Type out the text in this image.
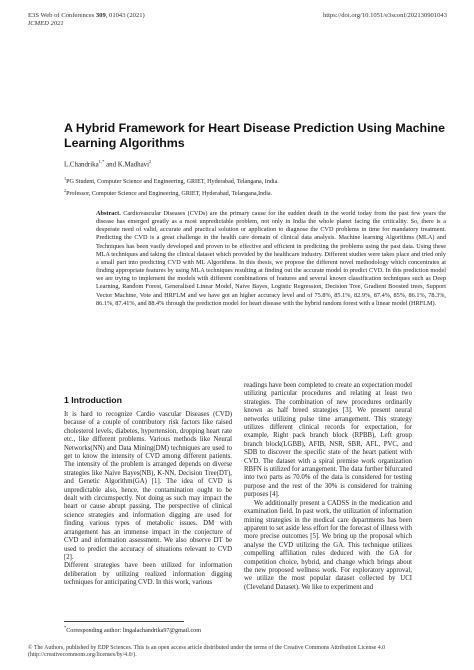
E3S Web of Conferences 309, 01043 (2021)
ICMED 2021
https://doi.org/10.1051/e3sconf/202130901043
A Hybrid Framework for Heart Disease Prediction Using Machine
Learning Algorithms
L.Chandrika$^{1,*}$ and K.Madhavi$^2$
$^1$PG Student, Computer Science and Engineering, GRIET, Hyderabad, Telangana, India.
$^2$Professor, Computer Science and Engineering, GRIET, Hyderabad, Telangana,India.

Abstract. Cardiovascular Diseases (CVDs) are the primary cause for the sudden death in the world today from the past few years the disease has emerged greatly as a most unpredictable problem, not only in India the whole planet facing the criticality. So, there is a desperate need of valid, accurate and practical solution or application to diagnose the CVD problems in time for mandatory treatment. Predicting the CVD is a great challenge in the health care domain of clinical data analysis. Machine learning Algorithms (MLA) and Techniques has been vastly developed and proven to be effective and efficient in predicting the problems using the past data. Using these MLA techniques and taking the clinical dataset which provided by the healthcare industry. Different studies were takes place and tried only a small part into predicting CVD with ML Algorithms. In this thesis, we propose the different novel methodology which concentrates at finding appropriate features by using MLA techniques resulting at finding out the accurate model to predict CVD. In this prediction model we are trying to implement the models with different combinations of features and several known classification techniques such as Deep Learning, Random Forest, Generalised Linear Model, Naive Bayes, Logistic Regression, Decision Tree, Gradient Boosted trees, Support Vector Machine, Vote and HRFLM and we have got an higher accuracy level and of 75.8%, 85.1%, 82.9%, 87.4%, 85%, 86.1%, 78.3%, 86.1%, 87.41%, and 88.4% through the prediction model for heart disease with the hybrid random forest with a linear model (HRFLM).

1 Introduction

It is hard to recognize Cardio vascular Diseases (CVD) because of a couple of contributory risk factors like raised cholesterol levels, diabetes, hypertension, dropping heart rate etc., like different problems. Various methods like Neural Networks(NN) and Data Mining(DM) techniques are used to get to know the intensity of CVD among different patients. The intensity of the problem is arranged depends on diverse strategies like Naive Bayes(NB), K-NN, Decision Tree(DT), and Genetic Algorithm(GA) [1]. The idea of CVD is unpredictable also, hence, the contamination ought to be dealt with circumspectly. Not doing as such may impact the heart or cause abrupt passing. The perspective of clinical science strategies and information digging are used for finding various types of metabolic issues. DM with arrangement has an immense impact in the conjecture of CVD and information assessment. We also observe DT be used to predict the accuracy of situations relevant to CVD [2].

Different strategies have been utilized for information deliberation by utilizing realized information digging techniques for anticipating CVD. In this work, various

readings have been completed to create an expectation model utilizing particular procedures and relating at least two strategies. The combination of new procedures ordinarily known as half breed strategies [3]. We present neural networks utilizing pulse time arrangement. This strategy utilizes different clinical records for expectation, for example, Right pack branch block (RPBB), Left group branch block(LGBB), AFIB, NSR, SBR, AFL, PVC, and SDB to discover the specific state of the heart patient with CVD. The dataset with a spiral premise work organization RBFN is utilized for arrangement. The data further bifurcated into two parts as 70.0% of the data is considered for testing purpose and the rest of the 30% is considered for training purposes [4].

We additionally present a CADSS in the medication and examination field. In past work, the utilization of information mining strategies in the medical care departments has been apparent to set aside less effort for the forecast of illness with more precise outcomes [5]. We bring up the proposal which analyse the CVD utilizing the GA. This technique utilizes compelling affiliation rules deduced with the GA for competition choice, hybrid, and change which brings about the new proposed wellness work. For exploratory approval, we utilize the most popular dataset collected by UCI (Cleveland Dataset). We like to experiment and

*Corresponding author: lingalachandrika97@gmail.com
© The Authors, published by EDP Sciences. This is an open access article distributed under the terms of the Creative Commons Attribution License 4.0
(http://creativecommons.org/licenses/by/4.0/).
